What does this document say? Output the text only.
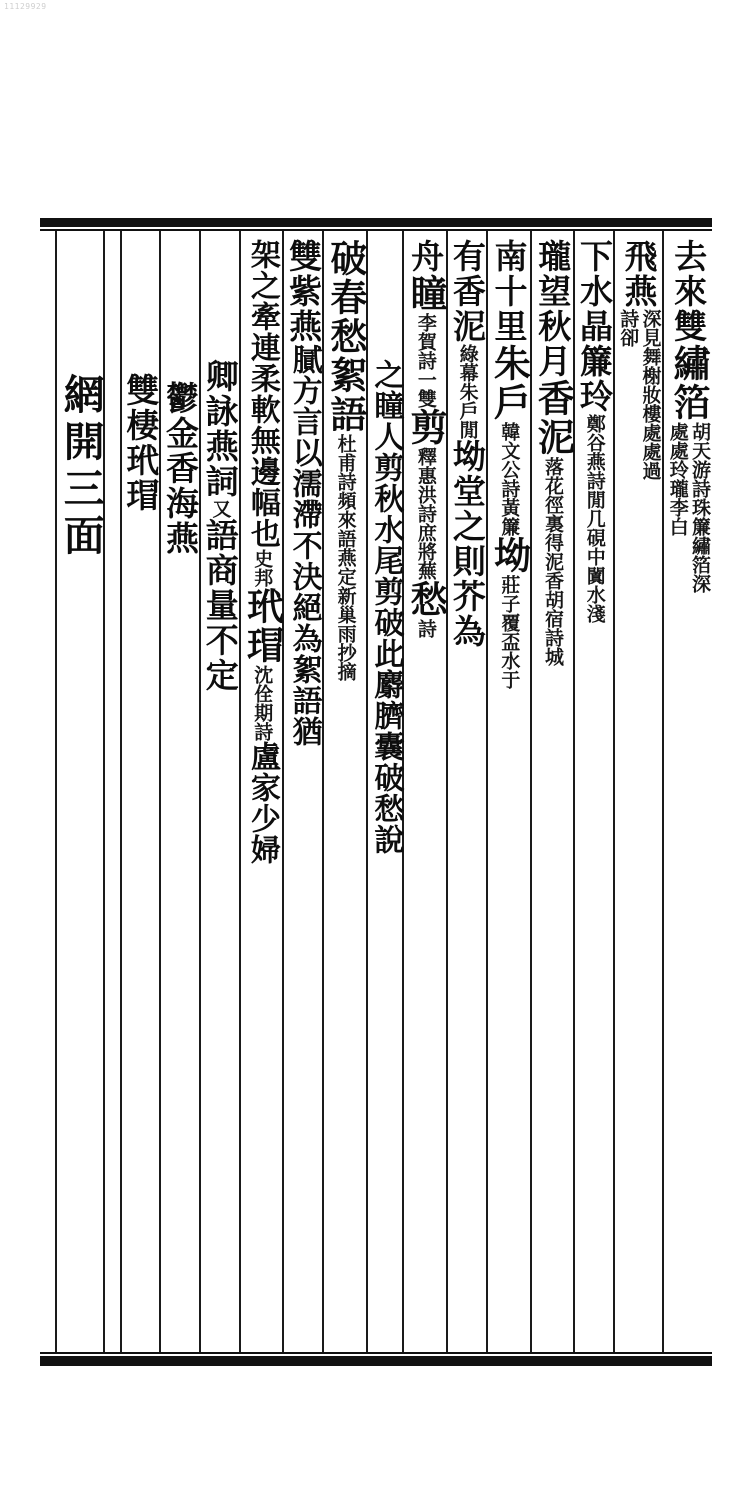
11129929
去來雙
繡箔
胡天游詩珠簾繡箔深
處處玲瓏李白
飛燕
深見舞榭妝樓處處過
詩卻
下水晶簾玲
鄭谷燕詩閒几硯中闐水淺
瓏望秋月
香泥
落花徑裏得泥香胡宿詩城
南十里
朱戶
韓文公詩黃簾
坳
莊子覆盃水于
有香泥
綠幕朱戶閒
坳堂之則芥為
舟
瞳
李賀詩一雙
剪
釋惠洪詩庶將蕪
愁
詩
之瞳人剪秋水尾剪破此麝臍囊破愁說
破春愁
絮語
杜甫詩頻來語燕定新巢雨抄摘
雙紫燕
膩方言以濡滯不決絕為絮語猶
架之牽連柔軟無邊幅也
史邦
玳瑁
沈佺期詩
盧家少婦
卿詠燕詞
又
語商量不定
鬱金香海燕
雙棲玳瑁
網開三面
